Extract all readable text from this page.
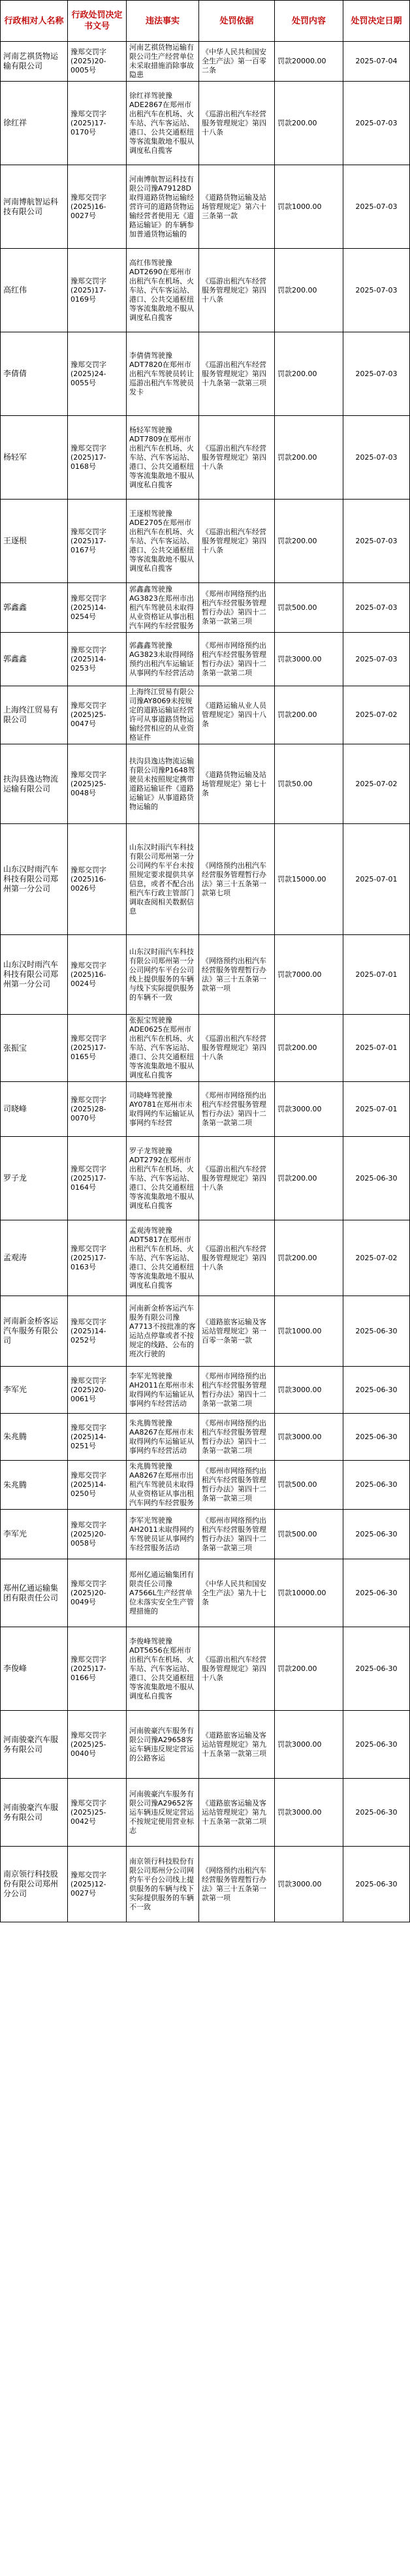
行政相对人名称	行政处罚决定书文号	违法事实	处罚依据	处罚内容	处罚决定日期
河南艺祺货物运输有限公司	豫郑交罚字(2025)20-0005号	河南艺祺货物运输有限公司生产经营单位未采取措施消除事故隐患	《中华人民共和国安全生产法》第一百零二条	罚款20000.00	2025-07-04
徐红祥	豫郑交罚字(2025)17-0170号	徐红祥驾驶豫ADE2867在郑州市出租汽车在机场、火车站、汽车客运站、港口、公共交通枢纽等客流集散地不服从调度私自揽客	《巡游出租汽车经营服务管理规定》第四十八条	罚款200.00	2025-07-03
河南博航智运科技有限公司	豫郑交罚字(2025)16-0027号	河南博航智运科技有限公司豫A79128D取得道路货物运输经营许可的道路货物运输经营者使用无《道路运输证》的车辆参加普通货物运输的	《道路货物运输及站场管理规定》第六十三条第一款	罚款1000.00	2025-07-03
高红伟	豫郑交罚字(2025)17-0169号	高红伟驾驶豫ADT2690在郑州市出租汽车在机场、火车站、汽车客运站、港口、公共交通枢纽等客流集散地不服从调度私自揽客	《巡游出租汽车经营服务管理规定》第四十八条	罚款200.00	2025-07-03
李倩倩	豫郑交罚字(2025)24-0055号	李倩倩驾驶豫ADT7820在郑州市出租汽车驾驶员转让巡游出租汽车驾驶员发卡	《巡游出租汽车经营服务管理规定》第四十九条第一款第三项	罚款200.00	2025-07-03
杨轻军	豫郑交罚字(2025)17-0168号	杨轻军驾驶豫ADT7809在郑州市出租汽车在机场、火车站、汽车客运站、港口、公共交通枢纽等客流集散地不服从调度私自揽客	《巡游出租汽车经营服务管理规定》第四十八条	罚款200.00	2025-07-03
王逐根	豫郑交罚字(2025)17-0167号	王逐根驾驶豫ADE2705在郑州市出租汽车在机场、火车站、汽车客运站、港口、公共交通枢纽等客流集散地不服从调度私自揽客	《巡游出租汽车经营服务管理规定》第四十八条	罚款200.00	2025-07-03
郭鑫鑫	豫郑交罚字(2025)14-0254号	郭鑫鑫驾驶豫AG3823在郑州市出租汽车驾驶员未取得从业资格证从事出租汽车网约车经营服务	《郑州市网络预约出租汽车经营服务管理暂行办法》第四十二条第一款第三项	罚款500.00	2025-07-03
郭鑫鑫	豫郑交罚字(2025)14-0253号	郭鑫鑫驾驶豫AG3823未取得网络预约出租汽车运输证从事网约车经营活动	《郑州市网络预约出租汽车经营服务管理暂行办法》第四十二条第一款第二项	罚款3000.00	2025-07-03
上海终江贸易有限公司	豫郑交罚字(2025)25-0047号	上海终江贸易有限公司豫AY8069未按规定的道路运输证经营许可从事道路货物运输经营相应的从业资格证件	《道路运输从业人员管理规定》第四十八条	罚款200.00	2025-07-02
扶沟县逸达物流运输有限公司	豫郑交罚字(2025)25-0048号	扶沟县逸达物流运输有限公司豫P1648驾驶员未按照规定携带道路运输证件《道路运输证》从事道路货物运输的	《道路货物运输及站场管理规定》第七十条	罚款50.00	2025-07-02
山东汉时雨汽车科技有限公司郑州第一分公司	豫郑交罚字(2025)16-0026号	山东汉时雨汽车科技有限公司郑州第一分公司网约车平台未按照规定要求提供共享信息，或者不配合出租汽车行政主管部门调取查阅相关数据信息	《网络预约出租汽车经营服务管理暂行办法》第三十五条第一款第七项	罚款15000.00	2025-07-01
山东汉时雨汽车科技有限公司郑州第一分公司	豫郑交罚字(2025)16-0024号	山东汉时雨汽车科技有限公司郑州第一分公司网约车平台公司线上提供服务的车辆与线下实际提供服务的车辆不一致	《网络预约出租汽车经营服务管理暂行办法》第三十五条第一款第一项	罚款7000.00	2025-07-01
张振宝	豫郑交罚字(2025)17-0165号	张振宝驾驶豫ADE0625在郑州市出租汽车在机场、火车站、汽车客运站、港口、公共交通枢纽等客流集散地不服从调度私自揽客	《巡游出租汽车经营服务管理规定》第四十八条	罚款200.00	2025-07-01
司晓峰	豫郑交罚字(2025)28-0070号	司晓峰驾驶豫AY0781在郑州市未取得网约车运输证从事网约车经营	《郑州市网络预约出租汽车经营服务管理暂行办法》第四十二条第一款第二项	罚款3000.00	2025-07-01
罗子龙	豫郑交罚字(2025)17-0164号	罗子龙驾驶豫ADT2792在郑州市出租汽车在机场、火车站、汽车客运站、港口、公共交通枢纽等客流集散地不服从调度私自揽客	《巡游出租汽车经营服务管理规定》第四十八条	罚款200.00	2025-06-30
孟观涛	豫郑交罚字(2025)17-0163号	孟观涛驾驶豫ADT5817在郑州市出租汽车在机场、火车站、汽车客运站、港口、公共交通枢纽等客流集散地不服从调度私自揽客	《巡游出租汽车经营服务管理规定》第四十八条	罚款200.00	2025-07-02
河南新金桥客运汽车服务有限公司	豫郑交罚字(2025)14-0252号	河南新金桥客运汽车服务有限公司豫A7713不按批准的客运站点停靠或者不按规定的线路、公布的班次行驶的	《道路旅客运输及客运站管理规定》第一百零一条第一款	罚款1000.00	2025-06-30
李军光	豫郑交罚字(2025)20-0061号	李军光驾驶豫AH2011在郑州市未取得网约车运输证从事网约车经营活动	《郑州市网络预约出租汽车经营服务管理暂行办法》第四十二条第一款第二项	罚款3000.00	2025-06-30
朱兆腾	豫郑交罚字(2025)14-0251号	朱兆腾驾驶豫AA8267在郑州市未取得网约车运输证从事网约车经营活动	《郑州市网络预约出租汽车经营服务管理暂行办法》第四十二条第一款第二项	罚款3000.00	2025-06-30
朱兆腾	豫郑交罚字(2025)14-0250号	朱兆腾驾驶豫AA8267在郑州市出租汽车驾驶员未取得从业资格证从事出租汽车网约车经营服务	《郑州市网络预约出租汽车经营服务管理暂行办法》第四十二条第一款第三项	罚款500.00	2025-06-30
李军光	豫郑交罚字(2025)20-0058号	李军光驾驶豫AH2011未取得网约车驾驶员证从事网约车经营服务活动	《郑州市网络预约出租汽车经营服务管理暂行办法》第四十二条第一款第三项	罚款500.00	2025-06-30
郑州亿通运输集团有限责任公司	豫郑交罚字(2025)20-0049号	郑州亿通运输集团有限责任公司豫A7566L生产经营单位未落实安全生产管理措施的	《中华人民共和国安全生产法》第九十七条	罚款10000.00	2025-06-30
李俊峰	豫郑交罚字(2025)17-0166号	李俊峰驾驶豫ADT5656在郑州市出租汽车在机场、火车站、汽车客运站、港口、公共交通枢纽等客流集散地不服从调度私自揽客	《巡游出租汽车经营服务管理规定》第四十八条	罚款200.00	2025-06-30
河南骏豪汽车服务有限公司	豫郑交罚字(2025)25-0040号	河南骏豪汽车服务有限公司豫A29658客运车辆违反规定营运的公路客运	《道路旅客运输及客运站管理规定》第九十五条第一款第三项	罚款3000.00	2025-06-30
河南骏豪汽车服务有限公司	豫郑交罚字(2025)25-0042号	河南骏豪汽车服务有限公司豫A29652客运车辆违反规定营运不按规定使用营业标志	《道路旅客运输及客运站管理规定》第九十五条第一款第二项	罚款3000.00	2025-06-30
南京领行科技股份有限公司郑州分公司	豫郑交罚字(2025)12-0027号	南京领行科技股份有限公司郑州分公司网约车平台公司线上提供服务的车辆与线下实际提供服务的车辆不一致	《网络预约出租汽车经营服务管理暂行办法》第三十五条第一款第一项	罚款3000.00	2025-06-30
